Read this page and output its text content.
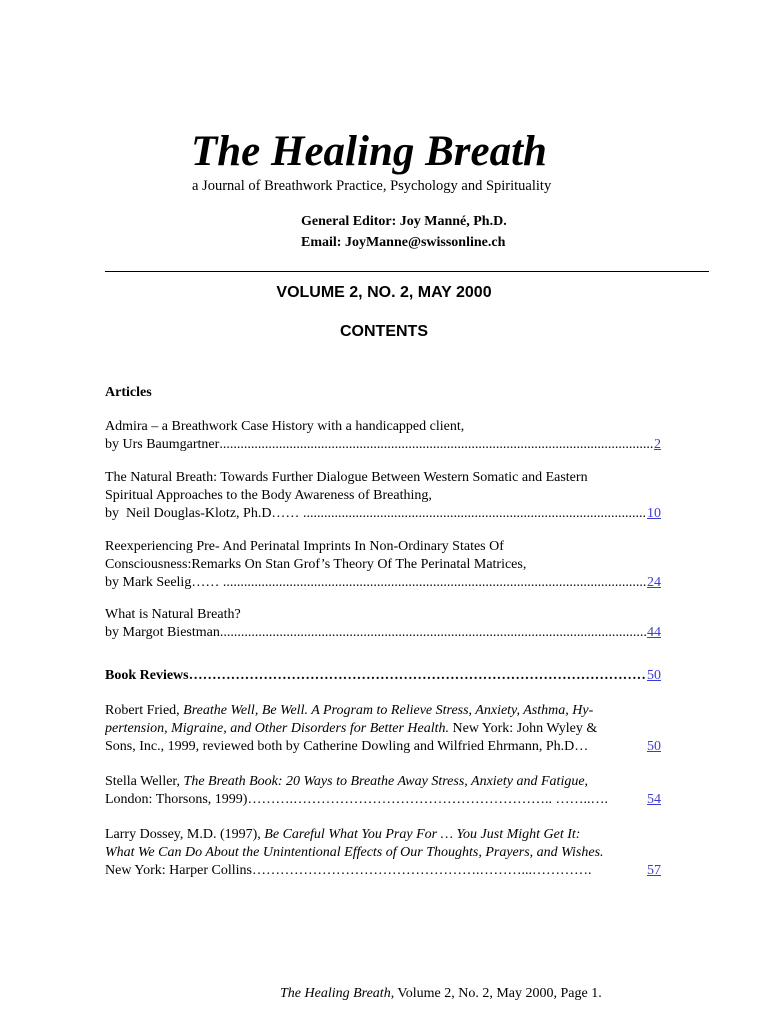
The Healing Breath
a Journal of Breathwork Practice, Psychology and Spirituality
General Editor: Joy Manné, Ph.D.
Email: JoyManne@swissonline.ch
VOLUME 2, NO. 2, MAY 2000
CONTENTS
Articles
Admira – a Breathwork Case History with a handicapped client,
by Urs Baumgartner .....	2
The Natural Breath: Towards Further Dialogue Between Western Somatic and Eastern
Spiritual Approaches to the Body Awareness of Breathing,
by  Neil Douglas-Klotz, Ph.D…… .....	10
Reexperiencing Pre- And Perinatal Imprints In Non-Ordinary States Of
Consciousness:Remarks On Stan Grof’s Theory Of The Perinatal Matrices,
by Mark Seelig…… .....	24
What is Natural Breath?
by Margot Biestman .....	44
Book Reviews ……………………………………………………………………………………………………………………………………………………………………………………………………	50
Robert Fried, Breathe Well, Be Well. A Program to Relieve Stress, Anxiety, Asthma, Hy-
pertension, Migraine, and Other Disorders for Better Health. New York: John Wyley &
Sons, Inc., 1999, reviewed both by Catherine Dowling and Wilfried Ehrmann, Ph.D…	50
Stella Weller, The Breath Book: 20 Ways to Breathe Away Stress, Anxiety and Fatigue,
London: Thorsons, 1999)……….……………………………………………….. ……..….	54
Larry Dossey, M.D. (1997), Be Careful What You Pray For … You Just Might Get It:
What We Can Do About the Unintentional Effects of Our Thoughts, Prayers, and Wishes.
New York: Harper Collins………………………………………….………...………….	57
The Healing Breath, Volume 2, No. 2, May 2000, Page 1.
